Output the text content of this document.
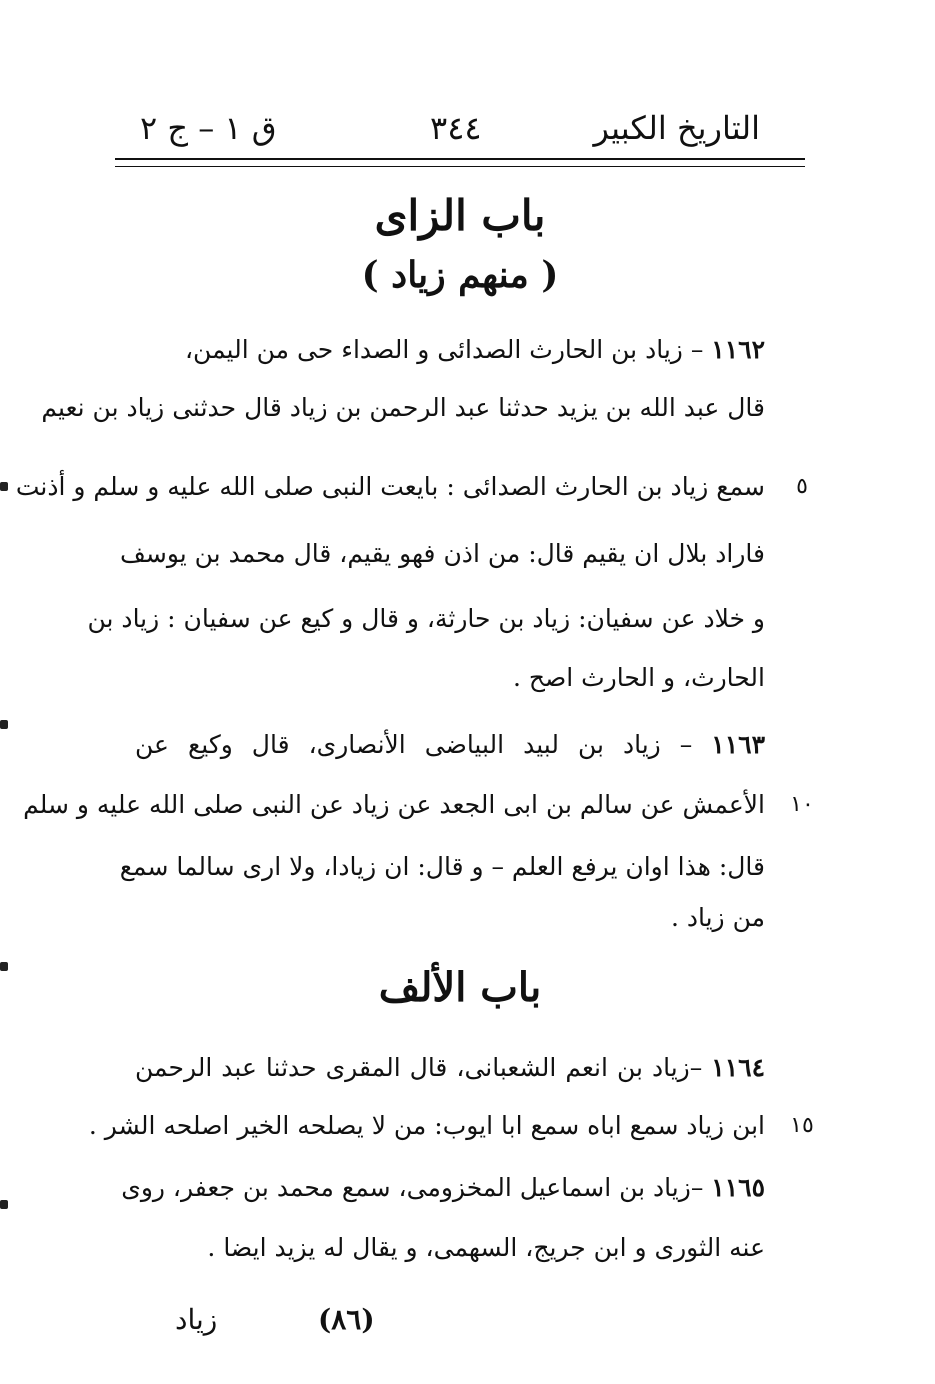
التاريخ الكبير
٣٤٤
ق ١ – ج ٢
باب الزاى
( منهم زياد )
١١٦٢ – زياد بن الحارث الصدائى و الصداء حى من اليمن،
قال عبد الله بن يزيد حدثنا عبد الرحمن بن زياد قال حدثنى زياد بن نعيم
سمع زياد بن الحارث الصدائى : بايعت النبى صلى الله عليه و سلم و أذنت	٥
فاراد بلال ان يقيم قال: من اذن فهو يقيم، قال محمد بن يوسف
و خلاد عن سفيان: زياد بن حارثة، و قال و كيع عن سفيان : زياد بن
الحارث، و الحارث اصح .
١١٦٣ – زياد بن لبيد البياضى الأنصارى، قال وكيع عن
الأعمش عن سالم بن ابى الجعد عن زياد عن النبى صلى الله عليه و سلم	١٠
قال: هذا اوان يرفع العلم – و قال: ان زيادا، ولا ارى سالما سمع
من زياد .
باب الألف
١١٦٤ –زياد بن انعم الشعبانى، قال المقرى حدثنا عبد الرحمن
ابن زياد سمع اباه سمع ابا ايوب: من لا يصلحه الخير اصلحه الشر .	١٥
١١٦٥ –زياد بن اسماعيل المخزومى، سمع محمد بن جعفر، روى
عنه الثورى و ابن جريج، السهمى، و يقال له يزيد ايضا .
(٨٦)
زياد
